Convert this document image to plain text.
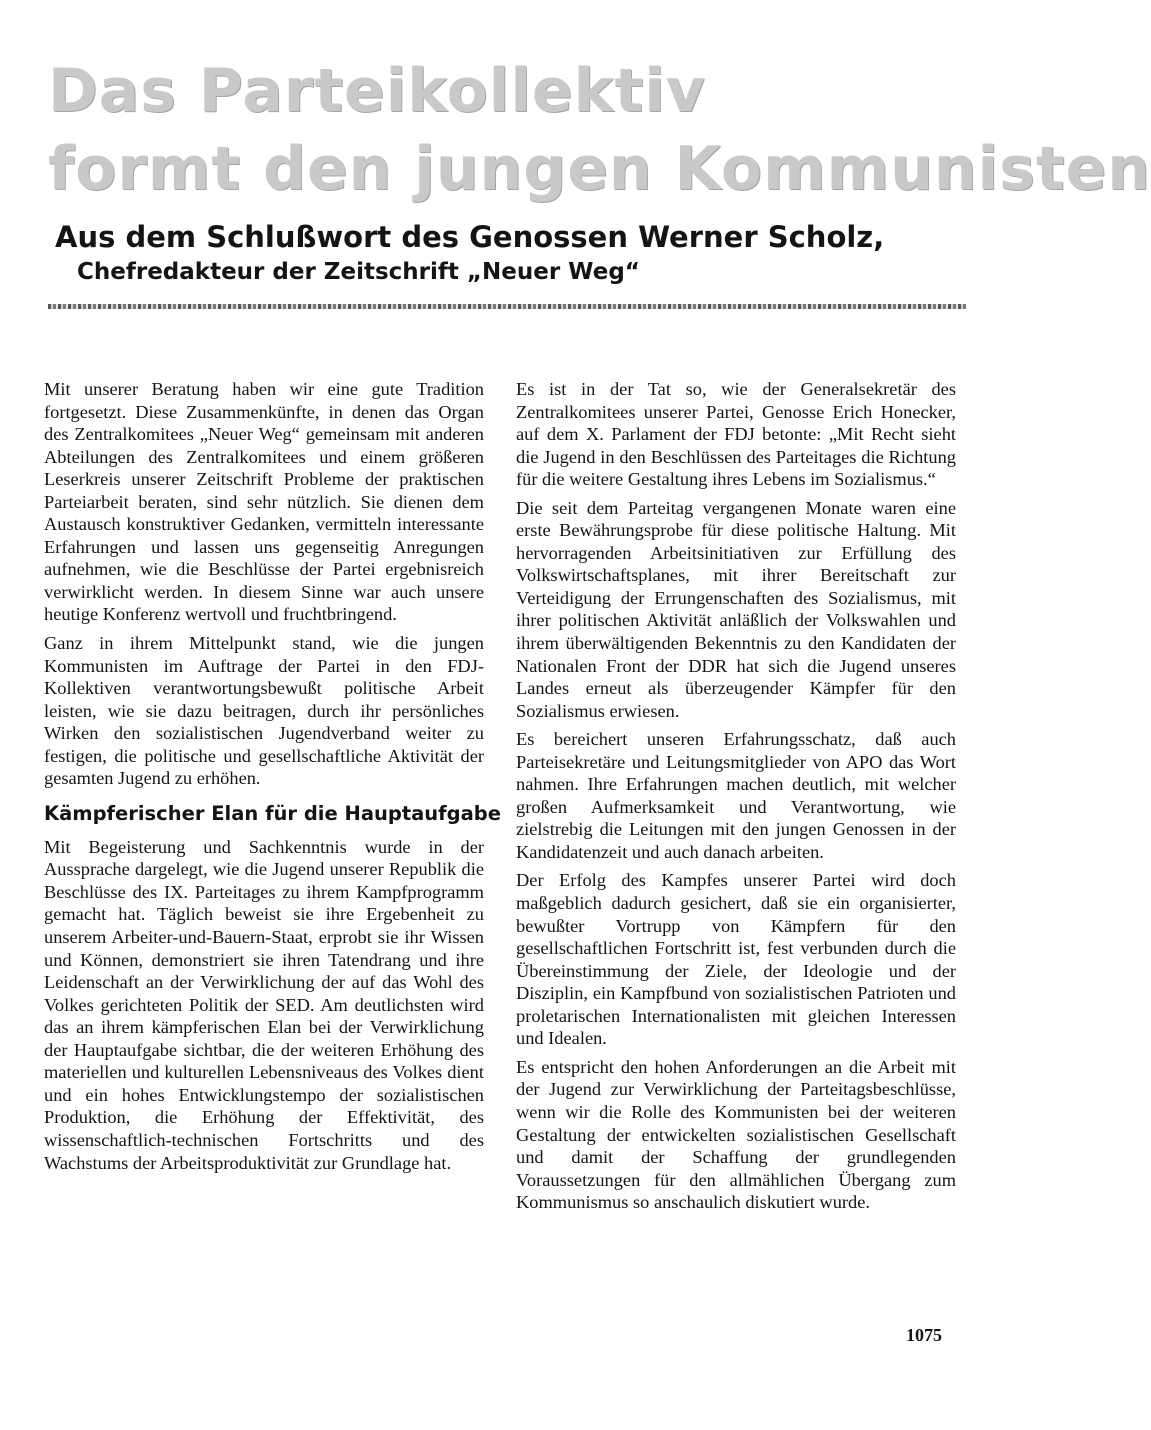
Das Parteikollektiv
formt den jungen Kommunisten
Aus dem Schlußwort des Genossen Werner Scholz,
Chefredakteur der Zeitschrift „Neuer Weg“

Mit unserer Beratung haben wir eine gute Tradition fortgesetzt. Diese Zusammenkünfte, in denen das Organ des Zentralkomitees „Neuer Weg“ gemeinsam mit anderen Abteilungen des Zentralkomitees und einem größeren Leserkreis unserer Zeitschrift Probleme der praktischen Parteiarbeit beraten, sind sehr nützlich. Sie dienen dem Austausch konstruktiver Gedanken, vermitteln interessante Erfahrungen und lassen uns gegenseitig Anregungen aufnehmen, wie die Beschlüsse der Partei ergebnisreich verwirklicht werden. In diesem Sinne war auch unsere heutige Konferenz wertvoll und fruchtbringend.

Ganz in ihrem Mittelpunkt stand, wie die jungen Kommunisten im Auftrage der Partei in den FDJ-Kollektiven verantwortungsbewußt politische Arbeit leisten, wie sie dazu beitragen, durch ihr persönliches Wirken den sozialistischen Jugendverband weiter zu festigen, die politische und gesellschaftliche Aktivität der gesamten Jugend zu erhöhen.

Kämpferischer Elan für die Hauptaufgabe

Mit Begeisterung und Sachkenntnis wurde in der Aussprache dargelegt, wie die Jugend unserer Republik die Beschlüsse des IX. Parteitages zu ihrem Kampfprogramm gemacht hat. Täglich beweist sie ihre Ergebenheit zu unserem Arbeiter-und-Bauern-Staat, erprobt sie ihr Wissen und Können, demonstriert sie ihren Tatendrang und ihre Leidenschaft an der Verwirklichung der auf das Wohl des Volkes gerichteten Politik der SED. Am deutlichsten wird das an ihrem kämpferischen Elan bei der Verwirklichung der Hauptaufgabe sichtbar, die der weiteren Erhöhung des materiellen und kulturellen Lebensniveaus des Volkes dient und ein hohes Entwicklungstempo der sozialistischen Produktion, die Erhöhung der Effektivität, des wissenschaftlich-technischen Fortschritts und des Wachstums der Arbeitsproduktivität zur Grundlage hat.

Es ist in der Tat so, wie der Generalsekretär des Zentralkomitees unserer Partei, Genosse Erich Honecker, auf dem X. Parlament der FDJ betonte: „Mit Recht sieht die Jugend in den Beschlüssen des Parteitages die Richtung für die weitere Gestaltung ihres Lebens im Sozialismus.“

Die seit dem Parteitag vergangenen Monate waren eine erste Bewährungsprobe für diese politische Haltung. Mit hervorragenden Arbeitsinitiativen zur Erfüllung des Volkswirtschaftsplanes, mit ihrer Bereitschaft zur Verteidigung der Errungenschaften des Sozialismus, mit ihrer politischen Aktivität anläßlich der Volkswahlen und ihrem überwältigenden Bekenntnis zu den Kandidaten der Nationalen Front der DDR hat sich die Jugend unseres Landes erneut als überzeugender Kämpfer für den Sozialismus erwiesen.

Es bereichert unseren Erfahrungsschatz, daß auch Parteisekretäre und Leitungsmitglieder von APO das Wort nahmen. Ihre Erfahrungen machen deutlich, mit welcher großen Aufmerksamkeit und Verantwortung, wie zielstrebig die Leitungen mit den jungen Genossen in der Kandidatenzeit und auch danach arbeiten.

Der Erfolg des Kampfes unserer Partei wird doch maßgeblich dadurch gesichert, daß sie ein organisierter, bewußter Vortrupp von Kämpfern für den gesellschaftlichen Fortschritt ist, fest verbunden durch die Übereinstimmung der Ziele, der Ideologie und der Disziplin, ein Kampfbund von sozialistischen Patrioten und proletarischen Internationalisten mit gleichen Interessen und Idealen.

Es entspricht den hohen Anforderungen an die Arbeit mit der Jugend zur Verwirklichung der Parteitagsbeschlüsse, wenn wir die Rolle des Kommunisten bei der weiteren Gestaltung der entwickelten sozialistischen Gesellschaft und damit der Schaffung der grundlegenden Voraussetzungen für den allmählichen Übergang zum Kommunismus so anschaulich diskutiert wurde.

1075
